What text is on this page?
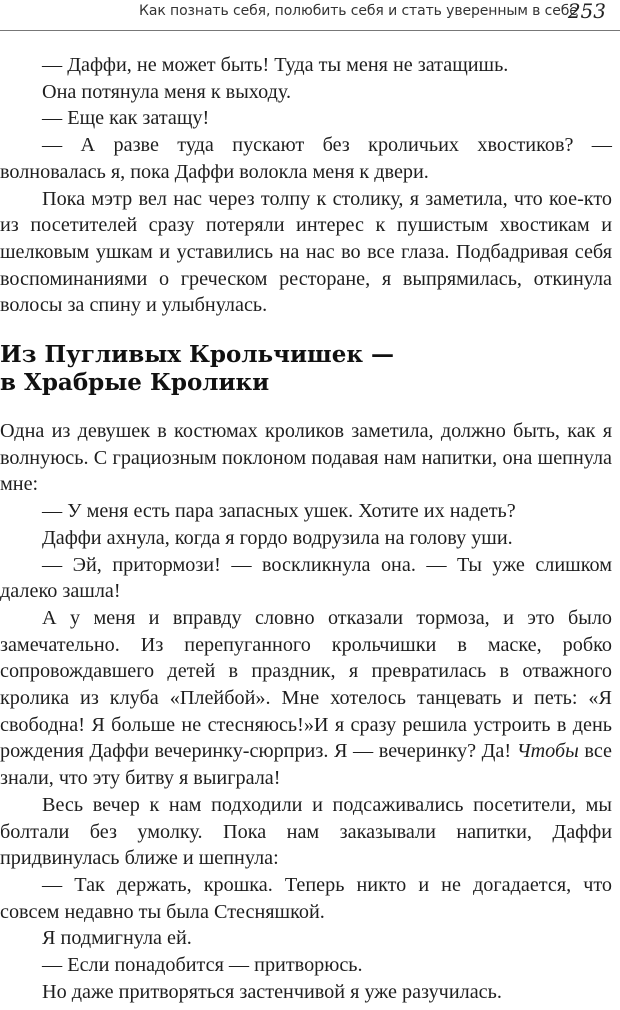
Как познать себя, полюбить себя и стать уверенным в себе
253

— Даффи, не может быть! Туда ты меня не затащишь.

Она потянула меня к выходу.

— Еще как затащу!

— А разве туда пускают без кроличьих хвостиков? — волновалась я, пока Даффи волокла меня к двери.

Пока мэтр вел нас через толпу к столику, я заметила, что кое-кто из посетителей сразу потеряли интерес к пушистым хвостикам и шелковым ушкам и уставились на нас во все глаза. Подбадривая себя воспоминаниями о греческом ресторане, я выпрямилась, откинула волосы за спину и улыбнулась.

Из Пугливых Крольчишек —
в Храбрые Кролики

Одна из девушек в костюмах кроликов заметила, должно быть, как я волнуюсь. С грациозным поклоном подавая нам напитки, она шепнула мне:

— У меня есть пара запасных ушек. Хотите их надеть?

Даффи ахнула, когда я гордо водрузила на голову уши.

— Эй, притормози! — воскликнула она. — Ты уже слишком далеко зашла!

А у меня и вправду словно отказали тормоза, и это было замечательно. Из перепуганного крольчишки в маске, робко сопровождавшего детей в праздник, я превратилась в отважного кролика из клуба «Плейбой». Мне хотелось танцевать и петь: «Я свободна! Я больше не стесняюсь!»И я сразу решила устроить в день рождения Даффи вечеринку-сюрприз. Я — вечеринку? Да! Чтобы все знали, что эту битву я выиграла!

Весь вечер к нам подходили и подсаживались посетители, мы болтали без умолку. Пока нам заказывали напитки, Даффи придвинулась ближе и шепнула:

— Так держать, крошка. Теперь никто и не догадается, что совсем недавно ты была Стесняшкой.

Я подмигнула ей.

— Если понадобится — притворюсь.

Но даже притворяться застенчивой я уже разучилась.
